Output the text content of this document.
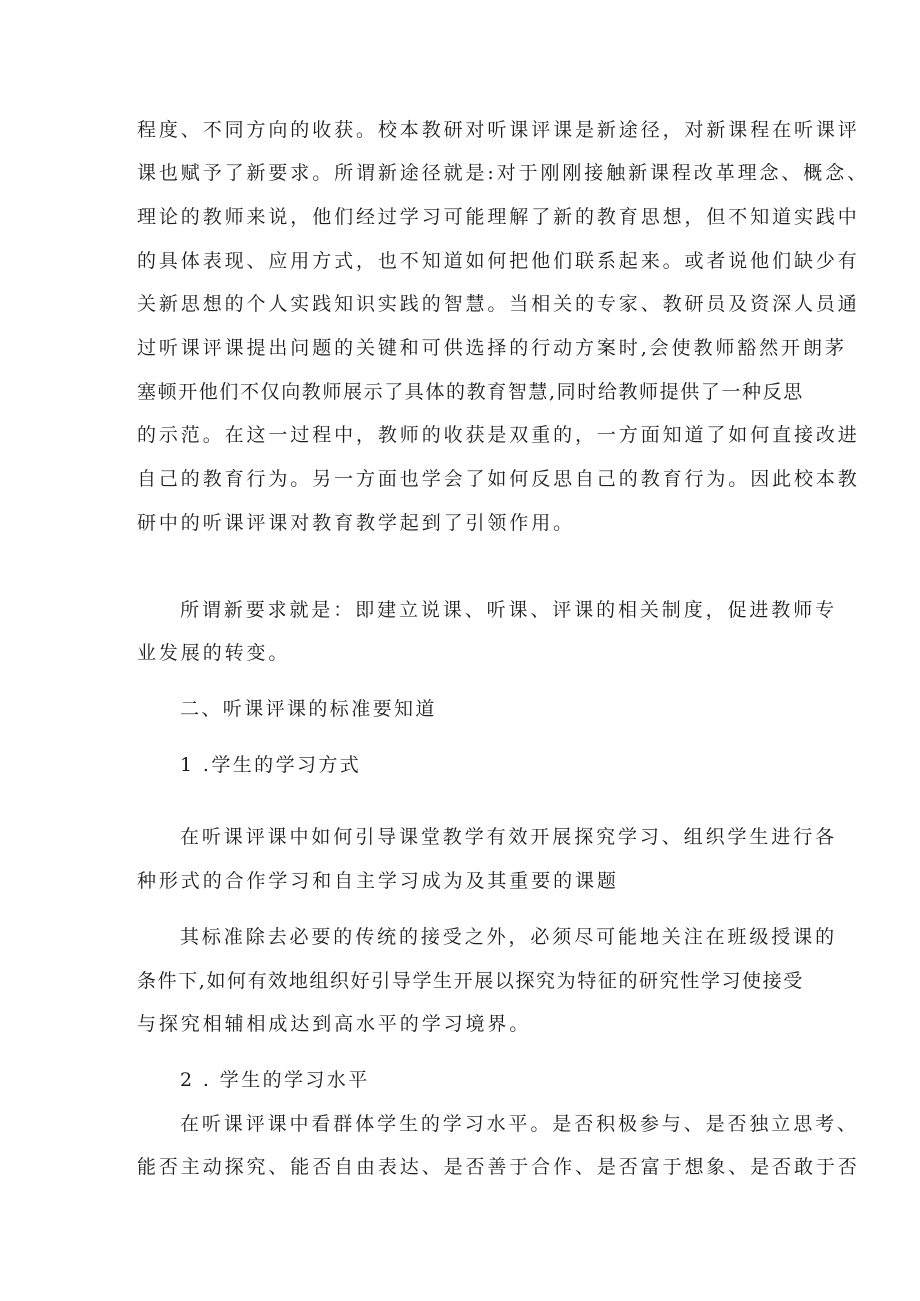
程度、不同方向的收获。校本教研对听课评课是新途径，对新课程在听课评

课也赋予了新要求。所谓新途径就是:对于刚刚接触新课程改革理念、概念、

理论的教师来说，他们经过学习可能理解了新的教育思想，但不知道实践中

的具体表现、应用方式，也不知道如何把他们联系起来。或者说他们缺少有

关新思想的个人实践知识实践的智慧。当相关的专家、教研员及资深人员通

过听课评课提出问题的关键和可供选择的行动方案时,会使教师豁然开朗茅

塞顿开他们不仅向教师展示了具体的教育智慧,同时给教师提供了一种反思

的示范。在这一过程中，教师的收获是双重的，一方面知道了如何直接改进

自己的教育行为。另一方面也学会了如何反思自己的教育行为。因此校本教

研中的听课评课对教育教学起到了引领作用。

所谓新要求就是：即建立说课、听课、评课的相关制度，促进教师专

业发展的转变。

二、听课评课的标准要知道

1 .学生的学习方式

在听课评课中如何引导课堂教学有效开展探究学习、组织学生进行各

种形式的合作学习和自主学习成为及其重要的课题

其标准除去必要的传统的接受之外，必须尽可能地关注在班级授课的

条件下,如何有效地组织好引导学生开展以探究为特征的研究性学习使接受

与探究相辅相成达到高水平的学习境界。

2 . 学生的学习水平

在听课评课中看群体学生的学习水平。是否积极参与、是否独立思考、

能否主动探究、能否自由表达、是否善于合作、是否富于想象、是否敢于否
